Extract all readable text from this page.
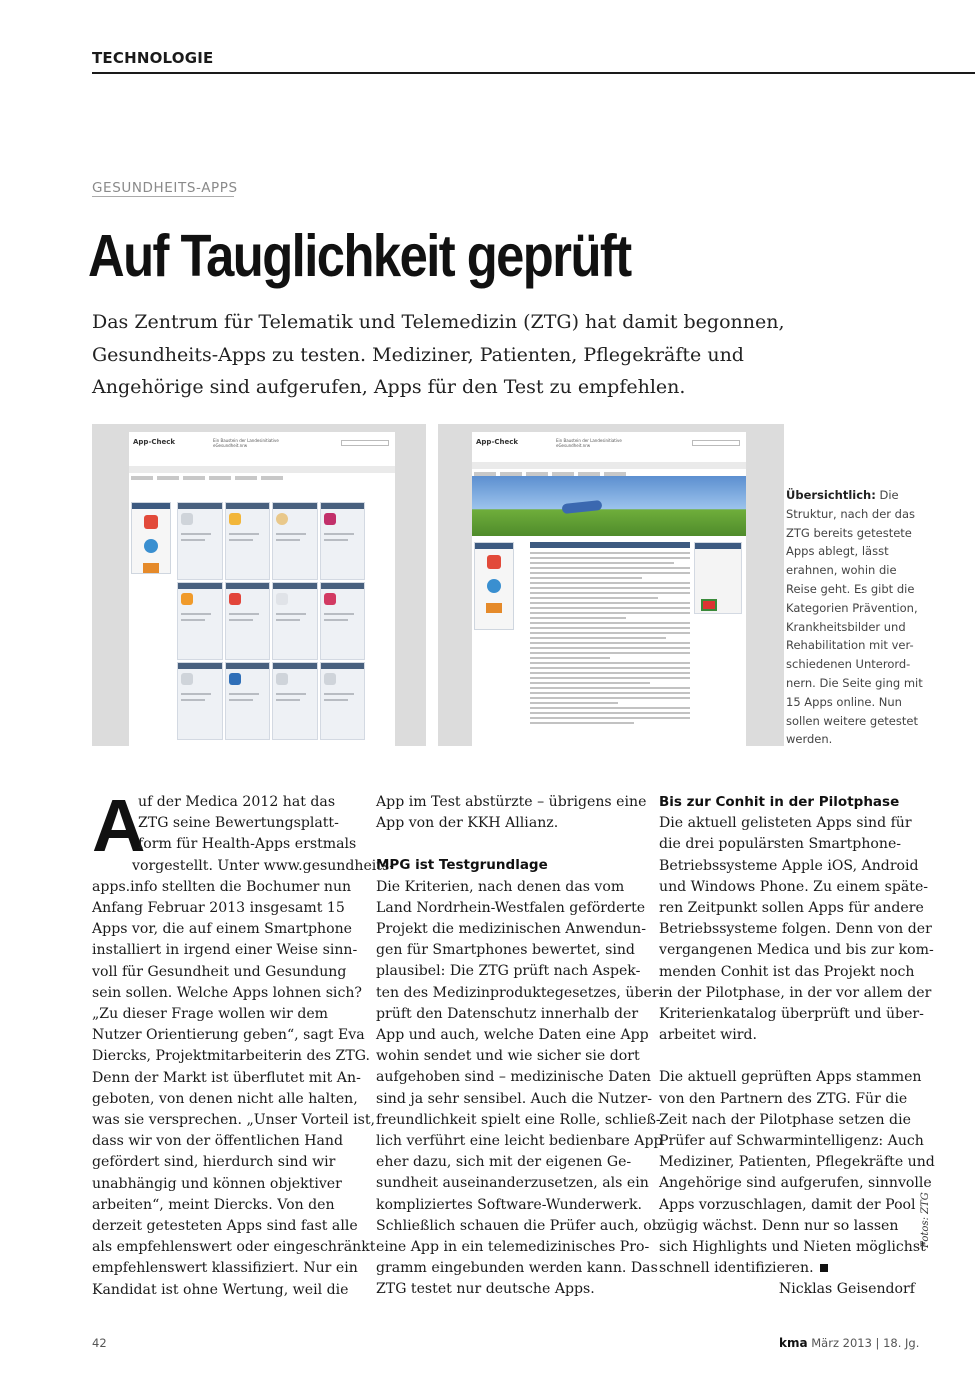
TECHNOLOGIE
GESUNDHEITS-APPS
Auf Tauglichkeit geprüft
Das Zentrum für Telematik und Telemedizin (ZTG) hat damit begonnen,
Gesundheits-Apps zu testen. Mediziner, Patienten, Pflegekräfte und
Angehörige sind aufgerufen, Apps für den Test zu empfehlen.
App-Check	Ein Baustein der Landesinitiative eGesundheit.nrw	App-Check	Ein Baustein der Landesinitiative eGesundheit.nrw
Übersichtlich: Die
Struktur, nach der das
ZTG bereits getestete
Apps ablegt, lässt
erahnen, wohin die
Reise geht. Es gibt die
Kategorien Prävention,
Krankheitsbilder und
Rehabilitation mit ver-
schiedenen Unterord-
nern. Die Seite ging mit
15 Apps online. Nun
sollen weitere getestet
werden.
A
uf der Medica 2012 hat das
ZTG seine Bewertungsplatt-
form für Health-Apps erstmals
vorgestellt. Unter www.gesundheits-
apps.info stellten die Bochumer nun
Anfang Februar 2013 insgesamt 15
Apps vor, die auf einem Smartphone
installiert in irgend einer Weise sinn-
voll für Gesundheit und Gesundung
sein sollen. Welche Apps lohnen sich?
„Zu dieser Frage wollen wir dem
Nutzer Orientierung geben“, sagt Eva
Diercks, Projektmitarbeiterin des ZTG.
Denn der Markt ist überflutet mit An-
geboten, von denen nicht alle halten,
was sie versprechen. „Unser Vorteil ist,
dass wir von der öffentlichen Hand
gefördert sind, hierdurch sind wir
unabhängig und können objektiver
arbeiten“, meint Diercks. Von den
derzeit getesteten Apps sind fast alle
als empfehlenswert oder eingeschränkt
empfehlenswert klassifiziert. Nur ein
Kandidat ist ohne Wertung, weil die
App im Test abstürzte – übrigens eine
App von der KKH Allianz.
MPG ist Testgrundlage
Die Kriterien, nach denen das vom
Land Nordrhein-Westfalen geförderte
Projekt die medizinischen Anwendun-
gen für Smartphones bewertet, sind
plausibel: Die ZTG prüft nach Aspek-
ten des Medizinproduktegesetzes, über-
prüft den Datenschutz innerhalb der
App und auch, welche Daten eine App
wohin sendet und wie sicher sie dort
aufgehoben sind – medizinische Daten
sind ja sehr sensibel. Auch die Nutzer-
freundlichkeit spielt eine Rolle, schließ-
lich verführt eine leicht bedienbare App
eher dazu, sich mit der eigenen Ge-
sundheit auseinanderzusetzen, als ein
kompliziertes Software-Wunderwerk.
Schließlich schauen die Prüfer auch, ob
eine App in ein telemedizinisches Pro-
gramm eingebunden werden kann. Das
ZTG testet nur deutsche Apps.
Bis zur Conhit in der Pilotphase
Die aktuell gelisteten Apps sind für
die drei populärsten Smartphone-
Betriebssysteme Apple iOS, Android
und Windows Phone. Zu einem späte-
ren Zeitpunkt sollen Apps für andere
Betriebssysteme folgen. Denn von der
vergangenen Medica und bis zur kom-
menden Conhit ist das Projekt noch
in der Pilotphase, in der vor allem der
Kriterienkatalog überprüft und über-
arbeitet wird.
Die aktuell geprüften Apps stammen
von den Partnern des ZTG. Für die
Zeit nach der Pilotphase setzen die
Prüfer auf Schwarmintelligenz: Auch
Mediziner, Patienten, Pflegekräfte und
Angehörige sind aufgerufen, sinnvolle
Apps vorzuschlagen, damit der Pool
zügig wächst. Denn nur so lassen
sich Highlights und Nieten möglichst
schnell identifizieren.
Nicklas Geisendorf
Fotos: ZTG
42	kma März 2013 | 18. Jg.
